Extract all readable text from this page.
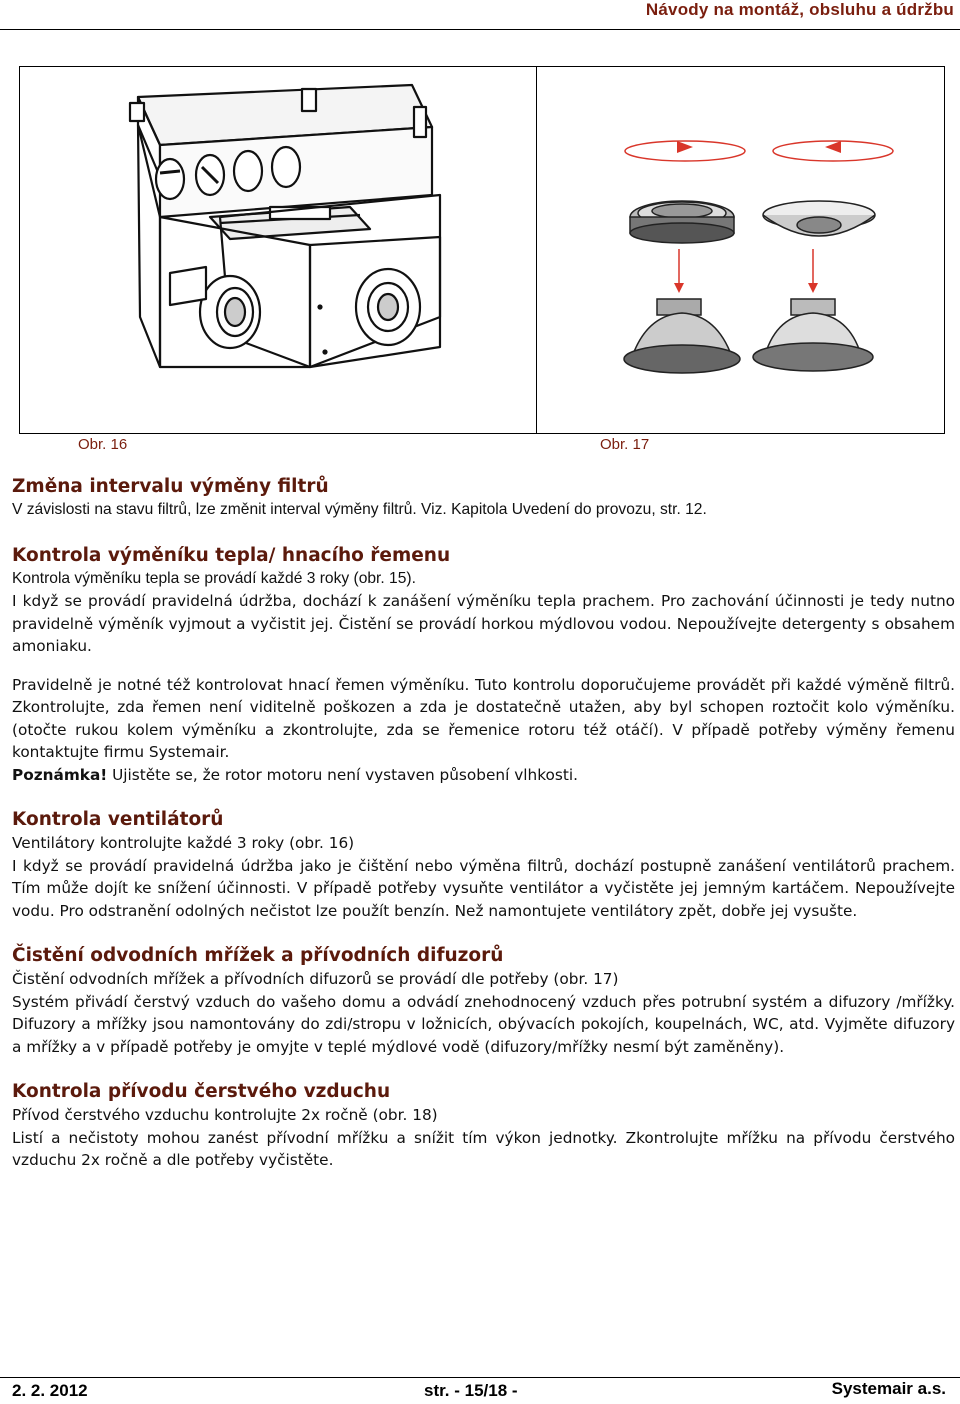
Návody na montáž, obsluhu a údržbu
Obr. 16	Obr. 17
Změna intervalu výměny filtrů

V závislosti na stavu filtrů, lze změnit interval výměny filtrů. Viz. Kapitola Uvedení do provozu, str. 12.

Kontrola výměníku tepla/ hnacího řemenu

Kontrola výměníku tepla se provádí každé 3 roky (obr. 15).

I když se provádí pravidelná údržba, dochází k zanášení výměníku tepla prachem. Pro zachování účinnosti je tedy nutno pravidelně výměník vyjmout a vyčistit jej. Čistění se provádí horkou mýdlovou vodou. Nepoužívejte detergenty s obsahem amoniaku.

Pravidelně je notné též kontrolovat hnací řemen výměníku. Tuto kontrolu doporučujeme provádět při každé výměně filtrů. Zkontrolujte, zda řemen není viditelně poškozen a zda je dostatečně utažen, aby byl schopen roztočit kolo výměníku. (otočte rukou kolem výměníku a zkontrolujte, zda se řemenice rotoru též otáčí). V případě potřeby výměny řemenu kontaktujte firmu Systemair.

Poznámka! Ujistěte se, že rotor motoru není vystaven působení vlhkosti.

Kontrola ventilátorů

Ventilátory kontrolujte každé 3 roky (obr. 16)

I když se provádí pravidelná údržba jako je čištění nebo výměna filtrů, dochází postupně zanášení ventilátorů prachem. Tím může dojít ke snížení účinnosti. V případě potřeby vysuňte ventilátor a vyčistěte jej jemným kartáčem. Nepoužívejte vodu. Pro odstranění odolných nečistot lze použít benzín. Než namontujete ventilátory zpět, dobře jej vysušte.

Čistění odvodních mřížek a přívodních difuzorů

Čistění odvodních mřížek a přívodních difuzorů se provádí dle potřeby (obr. 17)

Systém přivádí čerstvý vzduch do vašeho domu a odvádí znehodnocený vzduch přes potrubní systém a difuzory /mřížky. Difuzory a mřížky jsou namontovány do zdi/stropu v ložnicích, obývacích pokojích, koupelnách, WC, atd. Vyjměte difuzory a mřížky a v případě potřeby je omyjte v teplé mýdlové vodě (difuzory/mřížky nesmí být zaměněny).

Kontrola přívodu čerstvého vzduchu

Přívod čerstvého vzduchu kontrolujte 2x ročně (obr. 18)

Listí a nečistoty mohou zanést přívodní mřížku a snížit tím výkon jednotky. Zkontrolujte mřížku na přívodu čerstvého vzduchu 2x ročně a dle potřeby vyčistěte.

2. 2. 2012	str. - 15/18 -	Systemair a.s.
